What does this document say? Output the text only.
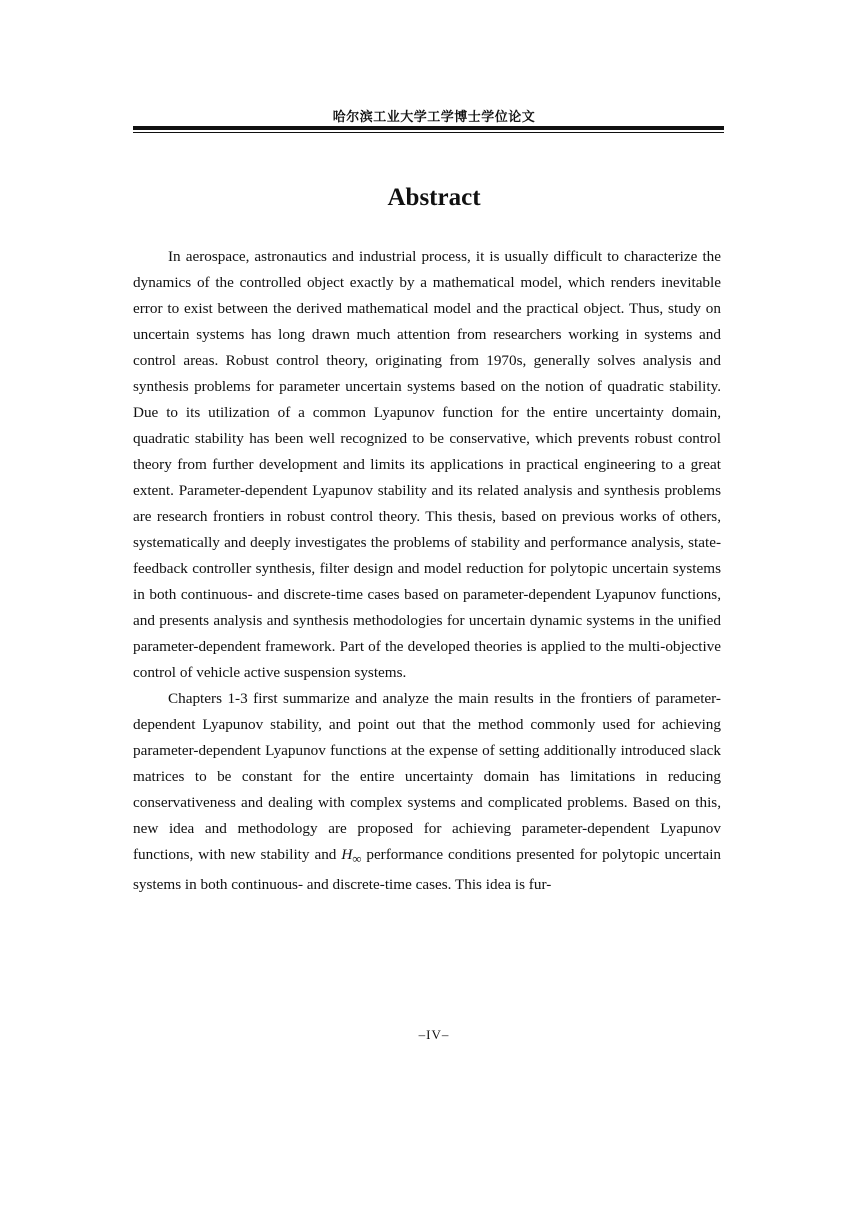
哈尔滨工业大学工学博士学位论文
Abstract

In aerospace, astronautics and industrial process, it is usually difficult to characterize the dynamics of the controlled object exactly by a mathematical model, which renders inevitable error to exist between the derived mathematical model and the practical object. Thus, study on uncertain systems has long drawn much attention from researchers working in systems and control areas. Robust control theory, originating from 1970s, generally solves analysis and synthesis problems for parameter uncertain systems based on the notion of quadratic stability. Due to its utilization of a common Lyapunov function for the entire uncertainty domain, quadratic stability has been well recognized to be conservative, which prevents robust control theory from further development and limits its applications in practical engineering to a great extent. Parameter-dependent Lyapunov stability and its related analysis and synthesis problems are research frontiers in robust control theory. This thesis, based on previous works of others, systematically and deeply investigates the problems of stability and performance analysis, state-feedback controller synthesis, filter design and model reduction for polytopic uncertain systems in both continuous- and discrete-time cases based on parameter-dependent Lyapunov functions, and presents analysis and synthesis methodologies for uncertain dynamic systems in the unified parameter-dependent framework. Part of the developed theories is applied to the multi-objective control of vehicle active suspension systems.

Chapters 1-3 first summarize and analyze the main results in the frontiers of parameter-dependent Lyapunov stability, and point out that the method commonly used for achieving parameter-dependent Lyapunov functions at the expense of setting additionally introduced slack matrices to be constant for the entire uncertainty domain has limitations in reducing conservativeness and dealing with complex systems and complicated problems. Based on this, new idea and methodology are proposed for achieving parameter-dependent Lyapunov functions, with new stability and $H_\infty$ performance conditions presented for polytopic uncertain systems in both continuous- and discrete-time cases. This idea is fur-

–IV–
